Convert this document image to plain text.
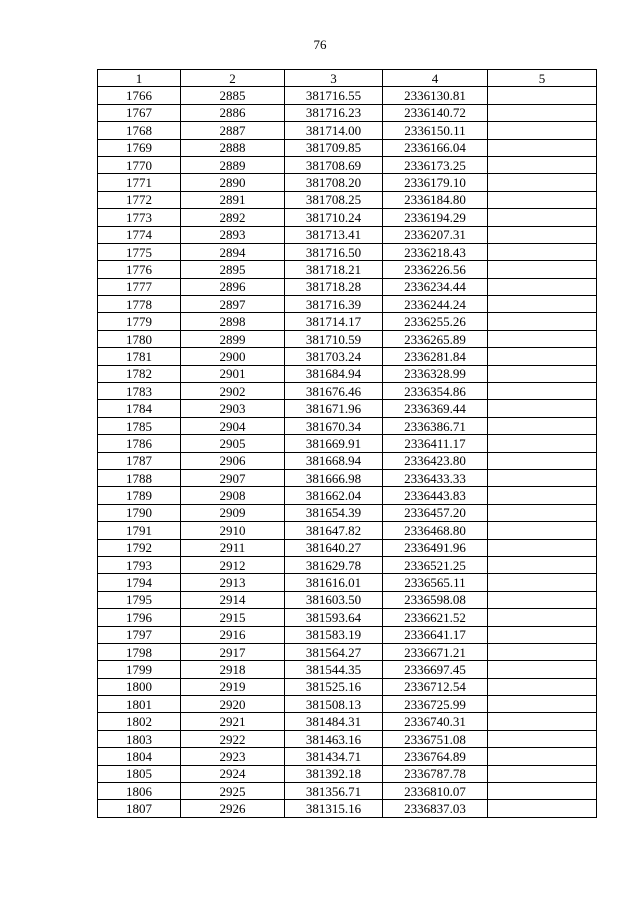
76
1	2	3	4	5
1766	2885	381716.55	2336130.81	
1767	2886	381716.23	2336140.72	
1768	2887	381714.00	2336150.11	
1769	2888	381709.85	2336166.04	
1770	2889	381708.69	2336173.25	
1771	2890	381708.20	2336179.10	
1772	2891	381708.25	2336184.80	
1773	2892	381710.24	2336194.29	
1774	2893	381713.41	2336207.31	
1775	2894	381716.50	2336218.43	
1776	2895	381718.21	2336226.56	
1777	2896	381718.28	2336234.44	
1778	2897	381716.39	2336244.24	
1779	2898	381714.17	2336255.26	
1780	2899	381710.59	2336265.89	
1781	2900	381703.24	2336281.84	
1782	2901	381684.94	2336328.99	
1783	2902	381676.46	2336354.86	
1784	2903	381671.96	2336369.44	
1785	2904	381670.34	2336386.71	
1786	2905	381669.91	2336411.17	
1787	2906	381668.94	2336423.80	
1788	2907	381666.98	2336433.33	
1789	2908	381662.04	2336443.83	
1790	2909	381654.39	2336457.20	
1791	2910	381647.82	2336468.80	
1792	2911	381640.27	2336491.96	
1793	2912	381629.78	2336521.25	
1794	2913	381616.01	2336565.11	
1795	2914	381603.50	2336598.08	
1796	2915	381593.64	2336621.52	
1797	2916	381583.19	2336641.17	
1798	2917	381564.27	2336671.21	
1799	2918	381544.35	2336697.45	
1800	2919	381525.16	2336712.54	
1801	2920	381508.13	2336725.99	
1802	2921	381484.31	2336740.31	
1803	2922	381463.16	2336751.08	
1804	2923	381434.71	2336764.89	
1805	2924	381392.18	2336787.78	
1806	2925	381356.71	2336810.07	
1807	2926	381315.16	2336837.03	
